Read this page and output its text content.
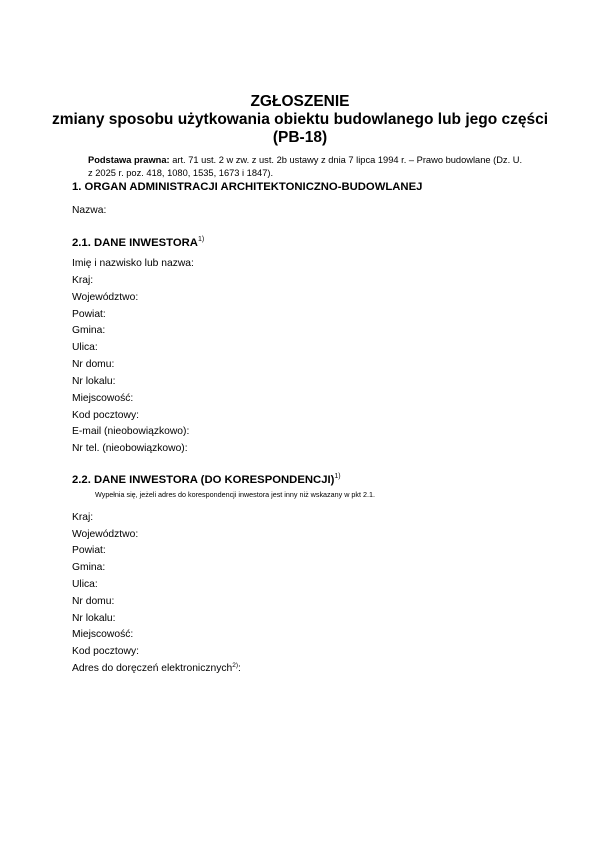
ZGŁOSZENIE
zmiany sposobu użytkowania obiektu budowlanego lub jego części
(PB-18)
Podstawa prawna: art. 71 ust. 2 w zw. z ust. 2b ustawy z dnia 7 lipca 1994 r. – Prawo budowlane (Dz. U. z 2025 r. poz. 418, 1080, 1535, 1673 i 1847).
1. ORGAN ADMINISTRACJI ARCHITEKTONICZNO-BUDOWLANEJ
Nazwa:
2.1. DANE INWESTORA$^{1)}$
Imię i nazwisko lub nazwa:
Kraj:
Województwo:
Powiat:
Gmina:
Ulica:
Nr domu:
Nr lokalu:
Miejscowość:
Kod pocztowy:
E-mail (nieobowiązkowo):
Nr tel. (nieobowiązkowo):
2.2. DANE INWESTORA (DO KORESPONDENCJI)$^{1)}$
Wypełnia się, jeżeli adres do korespondencji inwestora jest inny niż wskazany w pkt 2.1.
Kraj:
Województwo:
Powiat:
Gmina:
Ulica:
Nr domu:
Nr lokalu:
Miejscowość:
Kod pocztowy:
Adres do doręczeń elektronicznych$^{2)}$:
